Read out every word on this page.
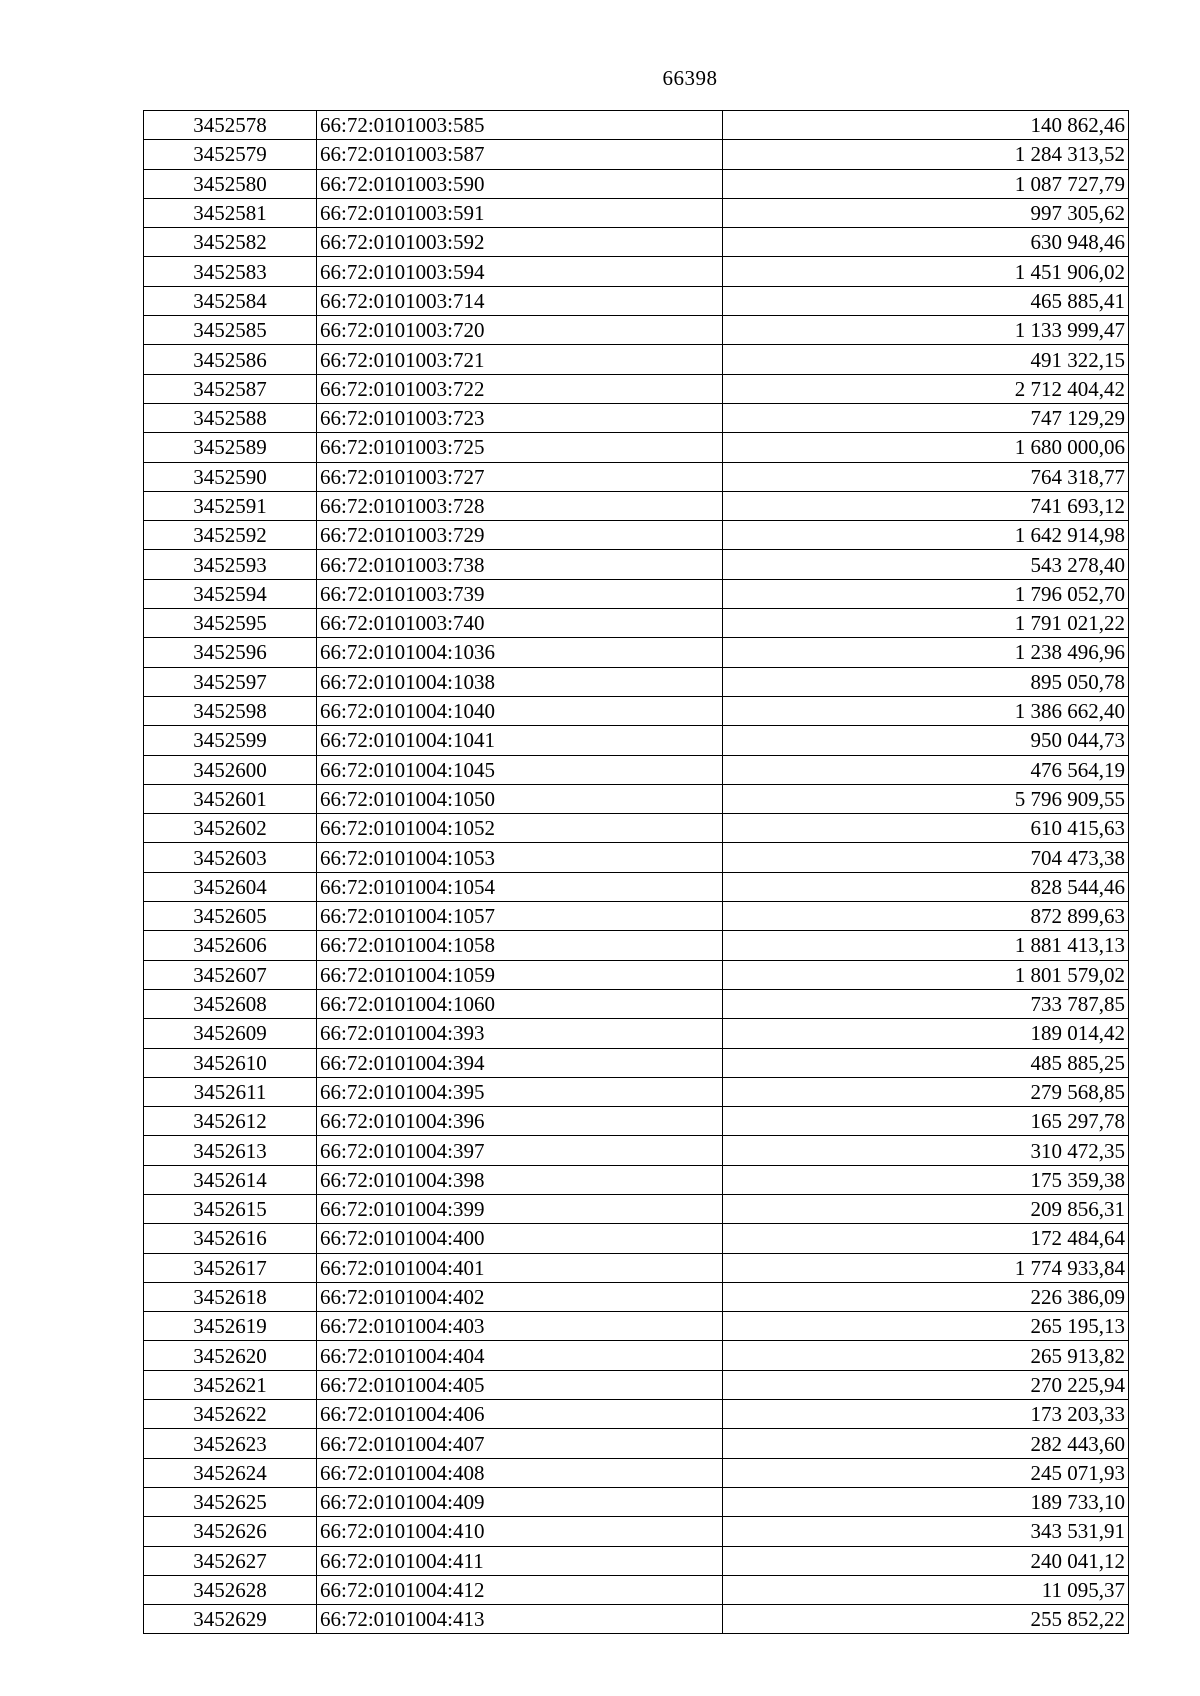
66398
3452578	66:72:0101003:585	140 862,46
3452579	66:72:0101003:587	1 284 313,52
3452580	66:72:0101003:590	1 087 727,79
3452581	66:72:0101003:591	997 305,62
3452582	66:72:0101003:592	630 948,46
3452583	66:72:0101003:594	1 451 906,02
3452584	66:72:0101003:714	465 885,41
3452585	66:72:0101003:720	1 133 999,47
3452586	66:72:0101003:721	491 322,15
3452587	66:72:0101003:722	2 712 404,42
3452588	66:72:0101003:723	747 129,29
3452589	66:72:0101003:725	1 680 000,06
3452590	66:72:0101003:727	764 318,77
3452591	66:72:0101003:728	741 693,12
3452592	66:72:0101003:729	1 642 914,98
3452593	66:72:0101003:738	543 278,40
3452594	66:72:0101003:739	1 796 052,70
3452595	66:72:0101003:740	1 791 021,22
3452596	66:72:0101004:1036	1 238 496,96
3452597	66:72:0101004:1038	895 050,78
3452598	66:72:0101004:1040	1 386 662,40
3452599	66:72:0101004:1041	950 044,73
3452600	66:72:0101004:1045	476 564,19
3452601	66:72:0101004:1050	5 796 909,55
3452602	66:72:0101004:1052	610 415,63
3452603	66:72:0101004:1053	704 473,38
3452604	66:72:0101004:1054	828 544,46
3452605	66:72:0101004:1057	872 899,63
3452606	66:72:0101004:1058	1 881 413,13
3452607	66:72:0101004:1059	1 801 579,02
3452608	66:72:0101004:1060	733 787,85
3452609	66:72:0101004:393	189 014,42
3452610	66:72:0101004:394	485 885,25
3452611	66:72:0101004:395	279 568,85
3452612	66:72:0101004:396	165 297,78
3452613	66:72:0101004:397	310 472,35
3452614	66:72:0101004:398	175 359,38
3452615	66:72:0101004:399	209 856,31
3452616	66:72:0101004:400	172 484,64
3452617	66:72:0101004:401	1 774 933,84
3452618	66:72:0101004:402	226 386,09
3452619	66:72:0101004:403	265 195,13
3452620	66:72:0101004:404	265 913,82
3452621	66:72:0101004:405	270 225,94
3452622	66:72:0101004:406	173 203,33
3452623	66:72:0101004:407	282 443,60
3452624	66:72:0101004:408	245 071,93
3452625	66:72:0101004:409	189 733,10
3452626	66:72:0101004:410	343 531,91
3452627	66:72:0101004:411	240 041,12
3452628	66:72:0101004:412	11 095,37
3452629	66:72:0101004:413	255 852,22
